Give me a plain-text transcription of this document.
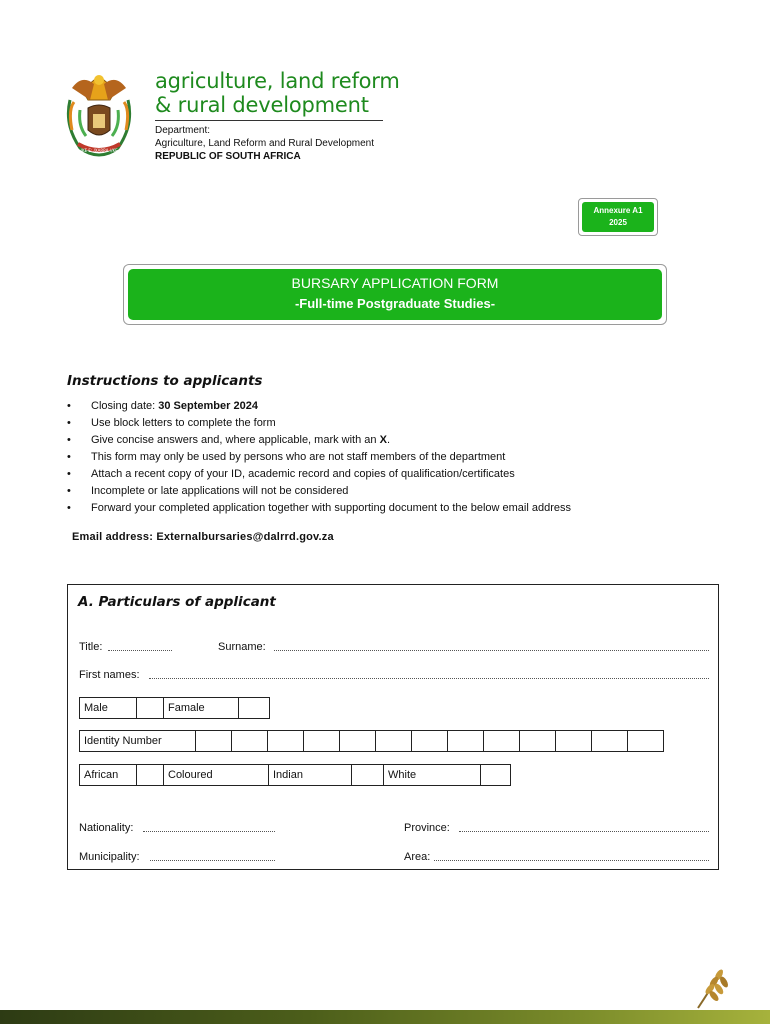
!KE E: /XARRA //KE
agriculture, land reform
& rural development
Department:
Agriculture, Land Reform and Rural Development
REPUBLIC OF SOUTH AFRICA
Annexure A1
2025
BURSARY APPLICATION FORM
-Full-time Postgraduate Studies-
Instructions to applicants
• Closing date: 30 September 2024
• Use block letters to complete the form
• Give concise answers and, where applicable, mark with an X.
• This form may only be used by persons who are not staff members of the department
• Attach a recent copy of your ID, academic record and copies of qualification/certificates
• Incomplete or late applications will not be considered
• Forward your completed application together with supporting document to the below email address
Email address: Externalbursaries@dalrrd.gov.za
A. Particulars of applicant
Title:	Surname:
First names:
Male	Famale
Identity Number
African	Coloured	Indian	White
Nationality:	Province:
Municipality:	Area:
